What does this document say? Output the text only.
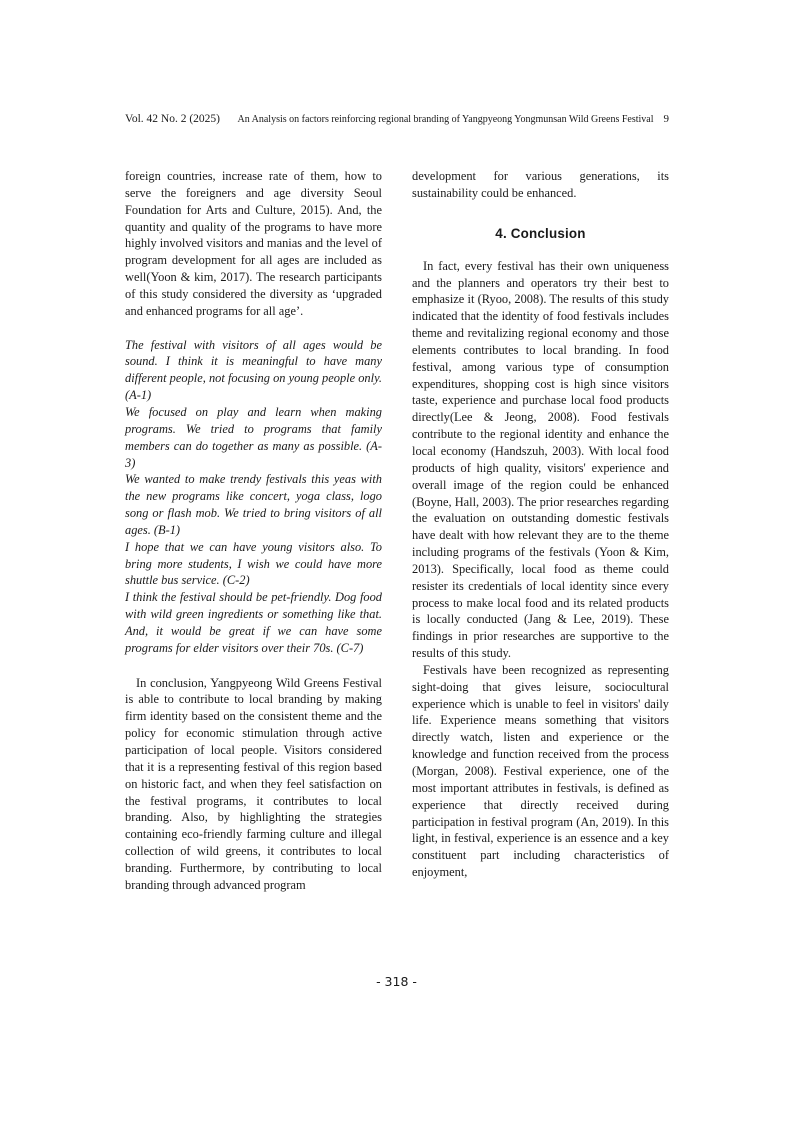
Vol. 42 No. 2 (2025) An Analysis on factors reinforcing regional branding of Yangpyeong Yongmunsan Wild Greens Festival 9

foreign countries, increase rate of them, how to serve the foreigners and age diversity Seoul Foundation for Arts and Culture, 2015). And, the quantity and quality of the programs to have more highly involved visitors and manias and the level of program development for all ages are included as well(Yoon & kim, 2017). The research participants of this study considered the diversity as ‘upgraded and enhanced programs for all age’.

The festival with visitors of all ages would be sound. I think it is meaningful to have many different people, not focusing on young people only. (A-1)

We focused on play and learn when making programs. We tried to programs that family members can do together as many as possible. (A-3)

We wanted to make trendy festivals this yeas with the new programs like concert, yoga class, logo song or flash mob. We tried to bring visitors of all ages. (B-1)

I hope that we can have young visitors also. To bring more students, I wish we could have more shuttle bus service. (C-2)

I think the festival should be pet-friendly. Dog food with wild green ingredients or something like that. And, it would be great if we can have some programs for elder visitors over their 70s. (C-7)

In conclusion, Yangpyeong Wild Greens Festival is able to contribute to local branding by making firm identity based on the consistent theme and the policy for economic stimulation through active participation of local people. Visitors considered that it is a representing festival of this region based on historic fact, and when they feel satisfaction on the festival programs, it contributes to local branding. Also, by highlighting the strategies containing eco-friendly farming culture and illegal collection of wild greens, it contributes to local branding. Furthermore, by contributing to local branding through advanced program

development for various generations, its sustainability could be enhanced.

4. Conclusion

In fact, every festival has their own uniqueness and the planners and operators try their best to emphasize it (Ryoo, 2008). The results of this study indicated that the identity of food festivals includes theme and revitalizing regional economy and those elements contributes to local branding. In food festival, among various type of consumption expenditures, shopping cost is high since visitors taste, experience and purchase local food products directly(Lee & Jeong, 2008). Food festivals contribute to the regional identity and enhance the local economy (Handszuh, 2003). With local food products of high quality, visitors' experience and overall image of the region could be enhanced (Boyne, Hall, 2003). The prior researches regarding the evaluation on outstanding domestic festivals have dealt with how relevant they are to the theme including programs of the festivals (Yoon & Kim, 2013). Specifically, local food as theme could resister its credentials of local identity since every process to make local food and its related products is locally conducted (Jang & Lee, 2019). These findings in prior researches are supportive to the results of this study.

Festivals have been recognized as representing sight-doing that gives leisure, sociocultural experience which is unable to feel in visitors' daily life. Experience means something that visitors directly watch, listen and experience or the knowledge and function received from the process (Morgan, 2008). Festival experience, one of the most important attributes in festivals, is defined as experience that directly received during participation in festival program (An, 2019). In this light, in festival, experience is an essence and a key constituent part including characteristics of enjoyment,

- 318 -
